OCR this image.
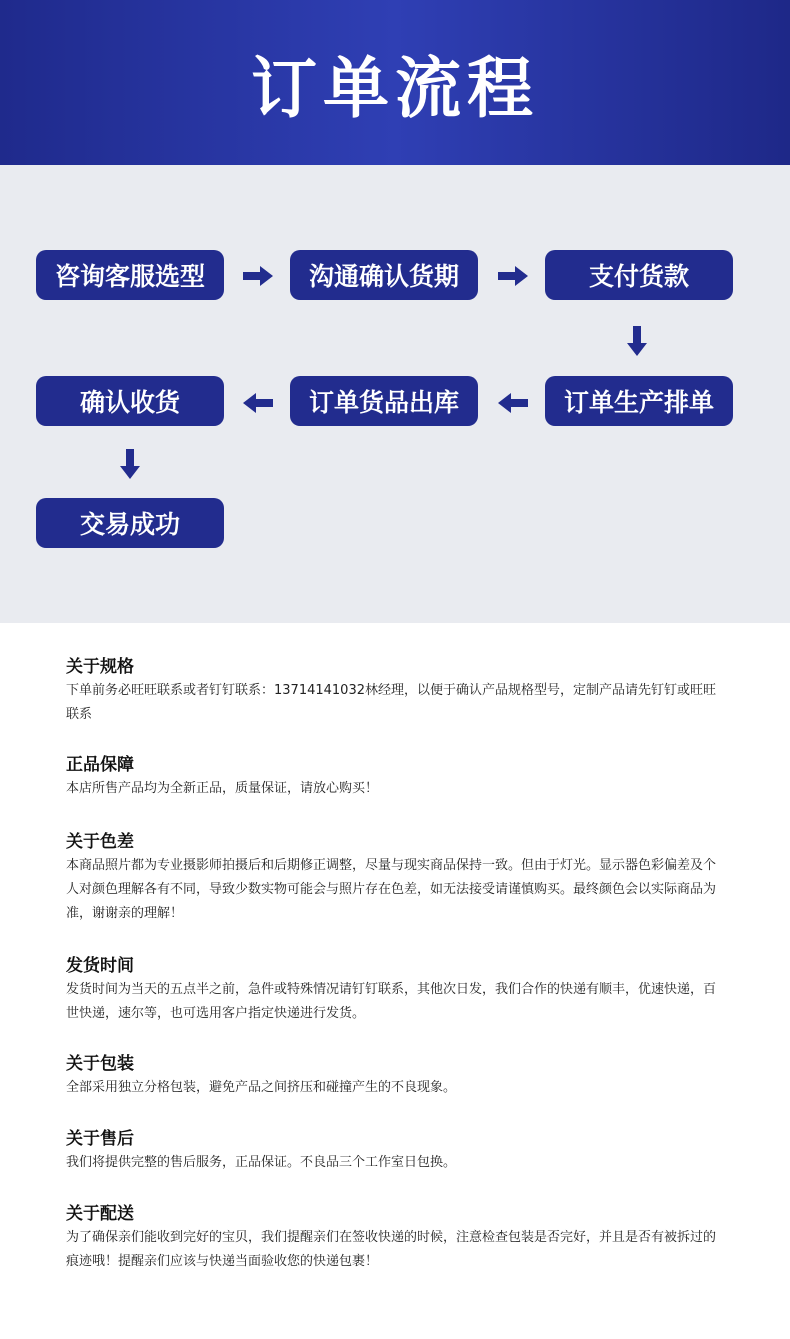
订单流程
咨询客服选型	沟通确认货期	支付货款
确认收货	订单货品出库	订单生产排单
交易成功
关于规格
下单前务必旺旺联系或者钉钉联系：13714141032林经理，以便于确认产品规格型号，定制产品请先钉钉或旺旺联系
正品保障
本店所售产品均为全新正品，质量保证，请放心购买！
关于色差
本商品照片都为专业摄影师拍摄后和后期修正调整，尽量与现实商品保持一致。但由于灯光。显示器色彩偏差及个人对颜色理解各有不同，导致少数实物可能会与照片存在色差，如无法接受请谨慎购买。最终颜色会以实际商品为准，谢谢亲的理解！
发货时间
发货时间为当天的五点半之前，急件或特殊情况请钉钉联系，其他次日发，我们合作的快递有顺丰，优速快递，百世快递，速尔等，也可选用客户指定快递进行发货。
关于包装
全部采用独立分格包装，避免产品之间挤压和碰撞产生的不良现象。
关于售后
我们将提供完整的售后服务，正品保证。不良品三个工作室日包换。
关于配送
为了确保亲们能收到完好的宝贝，我们提醒亲们在签收快递的时候，注意检查包装是否完好，并且是否有被拆过的痕迹哦！提醒亲们应该与快递当面验收您的快递包裹！
